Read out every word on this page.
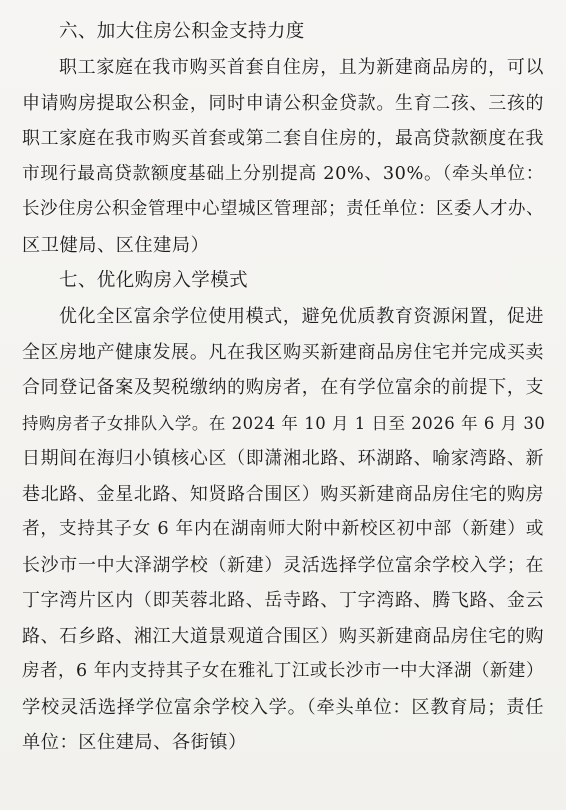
六、加大住房公积金支持力度
职工家庭在我市购买首套自住房，且为新建商品房的，可以
申请购房提取公积金，同时申请公积金贷款。生育二孩、三孩的
职工家庭在我市购买首套或第二套自住房的，最高贷款额度在我
市现行最高贷款额度基础上分别提高 20%、30%。（牵头单位：
长沙住房公积金管理中心望城区管理部；责任单位：区委人才办、
区卫健局、区住建局）
七、优化购房入学模式
优化全区富余学位使用模式，避免优质教育资源闲置，促进
全区房地产健康发展。凡在我区购买新建商品房住宅并完成买卖
合同登记备案及契税缴纳的购房者，在有学位富余的前提下，支
持购房者子女排队入学。在 2024 年 10 月 1 日至 2026 年 6 月 30
日期间在海归小镇核心区（即潇湘北路、环湖路、喻家湾路、新
巷北路、金星北路、知贤路合围区）购买新建商品房住宅的购房
者，支持其子女 6 年内在湖南师大附中新校区初中部（新建）或
长沙市一中大泽湖学校（新建）灵活选择学位富余学校入学；在
丁字湾片区内（即芙蓉北路、岳寺路、丁字湾路、腾飞路、金云
路、石乡路、湘江大道景观道合围区）购买新建商品房住宅的购
房者，6 年内支持其子女在雅礼丁江或长沙市一中大泽湖（新建）
学校灵活选择学位富余学校入学。（牵头单位：区教育局；责任
单位：区住建局、各街镇）
